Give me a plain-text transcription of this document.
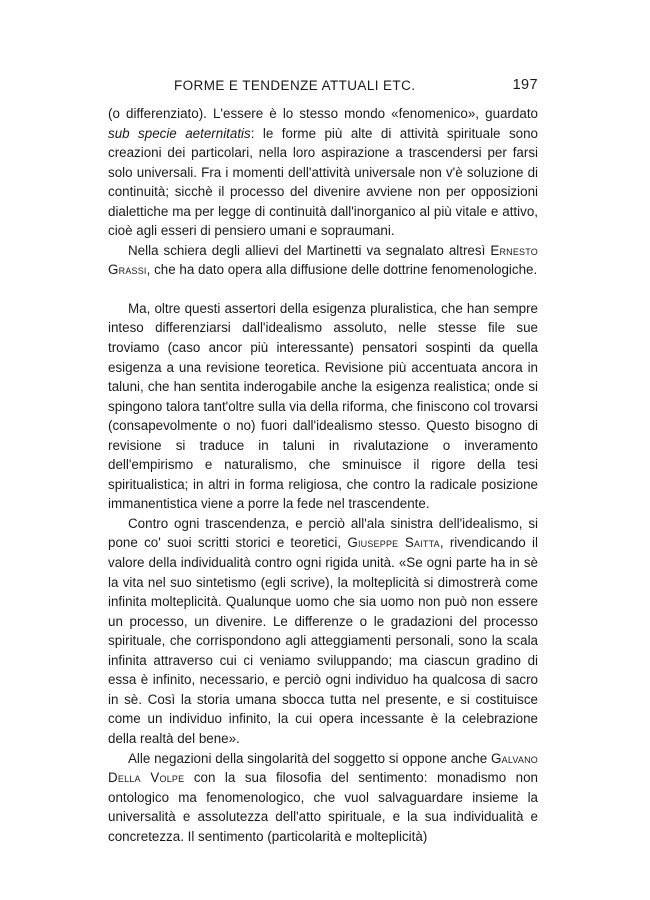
FORME E TENDENZE ATTUALI ETC.	197

(o differenziato). L'essere è lo stesso mondo «fenomenico», guardato sub specie aeternitatis: le forme più alte di attività spirituale sono creazioni dei particolari, nella loro aspirazione a trascendersi per farsi solo universali. Fra i momenti dell'attività universale non v'è soluzione di continuità; sicchè il processo del divenire avviene non per opposizioni dialettiche ma per legge di continuità dall'inorganico al più vitale e attivo, cioè agli esseri di pensiero umani e sopraumani.

Nella schiera degli allievi del Martinetti va segnalato altresì Ernesto Grassi, che ha dato opera alla diffusione delle dottrine fenomenologiche.

Ma, oltre questi assertori della esigenza pluralistica, che han sempre inteso differenziarsi dall'idealismo assoluto, nelle stesse file sue troviamo (caso ancor più interessante) pensatori sospinti da quella esigenza a una revisione teoretica. Revisione più accentuata ancora in taluni, che han sentita inderogabile anche la esigenza realistica; onde si spingono talora tant'oltre sulla via della riforma, che finiscono col trovarsi (consapevolmente o no) fuori dall'idealismo stesso. Questo bisogno di revisione si traduce in taluni in rivalutazione o inveramento dell'empirismo e naturalismo, che sminuisce il rigore della tesi spiritualistica; in altri in forma religiosa, che contro la radicale posizione immanentistica viene a porre la fede nel trascendente.

Contro ogni trascendenza, e perciò all'ala sinistra dell'idealismo, si pone co' suoi scritti storici e teoretici, Giuseppe Saitta, rivendicando il valore della individualità contro ogni rigida unità. «Se ogni parte ha in sè la vita nel suo sintetismo (egli scrive), la molteplicità si dimostrerà come infinita molteplicità. Qualunque uomo che sia uomo non può non essere un processo, un divenire. Le differenze o le gradazioni del processo spirituale, che corrispondono agli atteggiamenti personali, sono la scala infinita attraverso cui ci veniamo sviluppando; ma ciascun gradino di essa è infinito, necessario, e perciò ogni individuo ha qualcosa di sacro in sè. Così la storia umana sbocca tutta nel presente, e si costituisce come un individuo infinito, la cui opera incessante è la celebrazione della realtà del bene».

Alle negazioni della singolarità del soggetto si oppone anche Galvano Della Volpe con la sua filosofia del sentimento: monadismo non ontologico ma fenomenologico, che vuol salvaguardare insieme la universalità e assolutezza dell'atto spirituale, e la sua individualità e concretezza. Il sentimento (particolarità e molteplicità)
